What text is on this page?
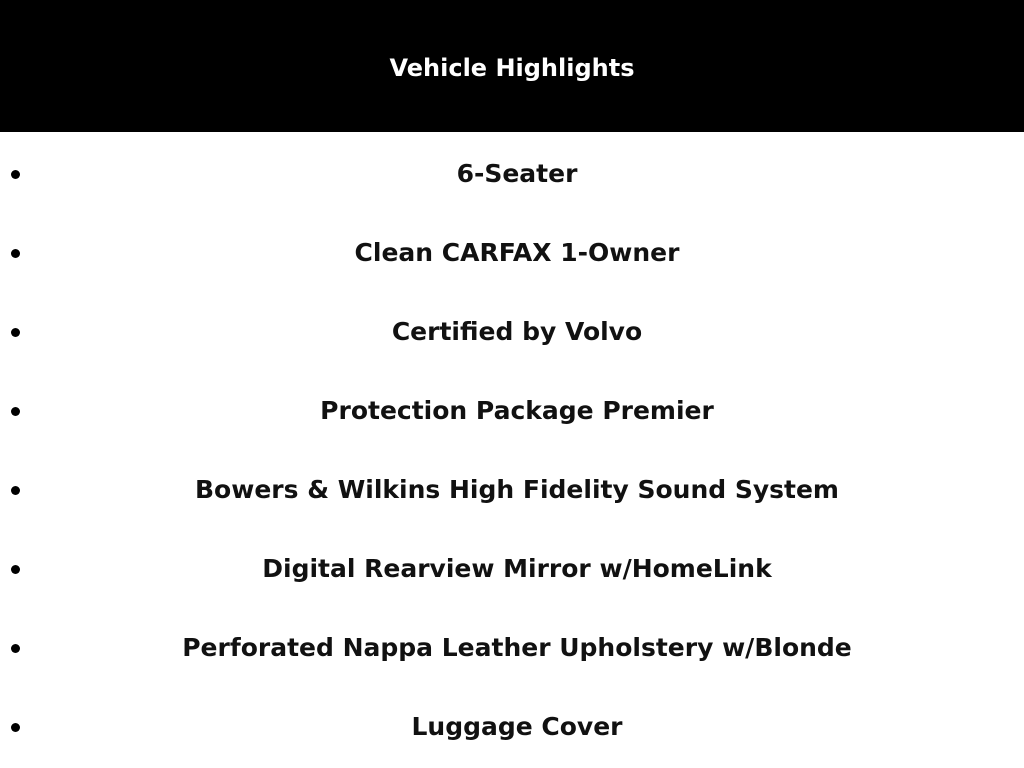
Vehicle Highlights
6-Seater
Clean CARFAX 1-Owner
Certified by Volvo
Protection Package Premier
Bowers & Wilkins High Fidelity Sound System
Digital Rearview Mirror w/HomeLink
Perforated Nappa Leather Upholstery w/Blonde
Luggage Cover
